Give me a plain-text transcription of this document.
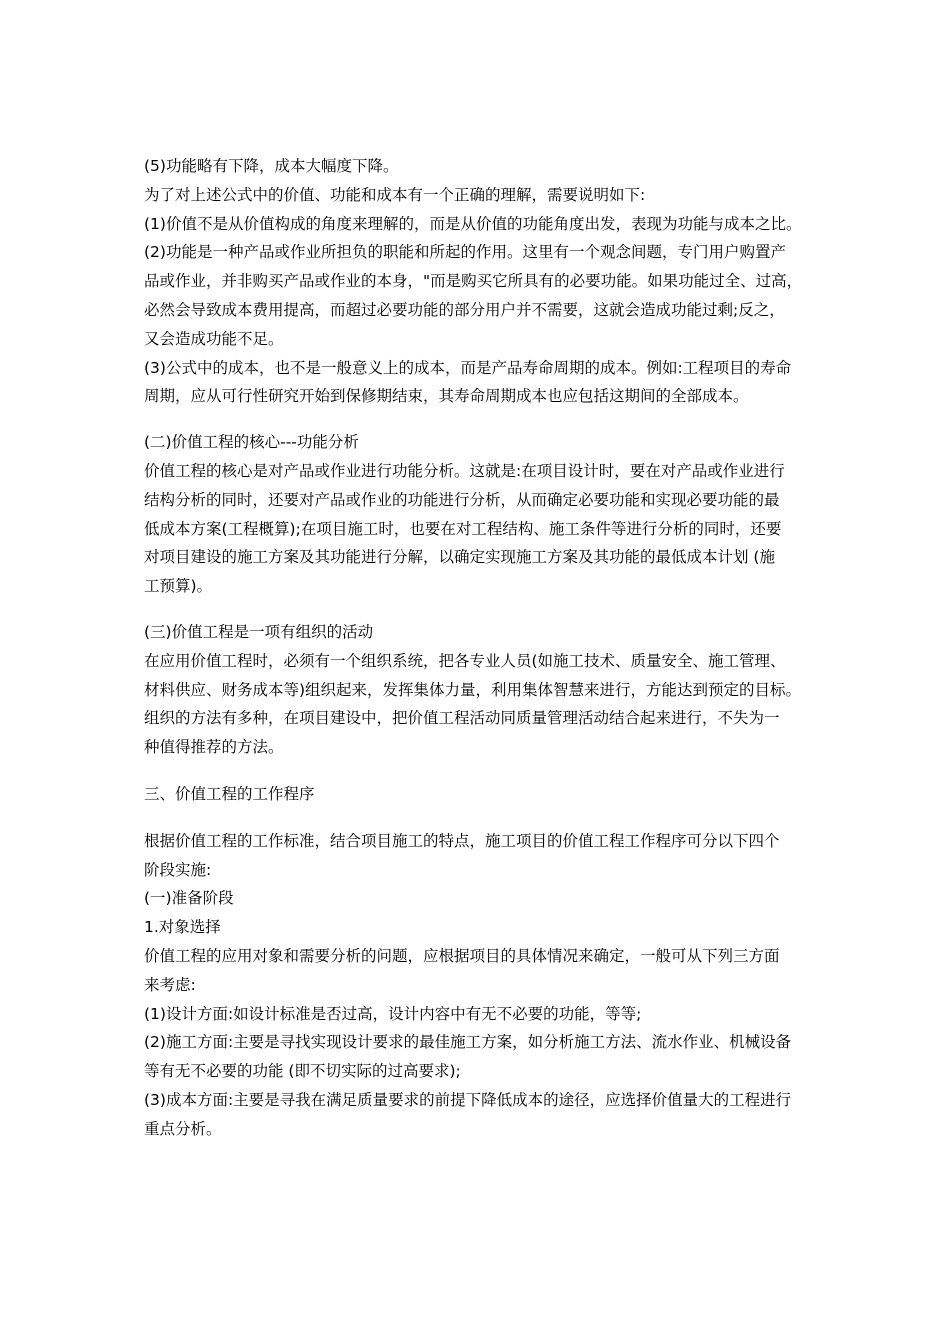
(5)功能略有下降，成本大幅度下降。

为了对上述公式中的价值、功能和成本有一个正确的理解，需要说明如下:

(1)价值不是从价值构成的角度来理解的，而是从价值的功能角度出发，表现为功能与成本之比。

(2)功能是一种产品或作业所担负的职能和所起的作用。这里有一个观念间题，专门用户购置产

品或作业，并非购买产品或作业的本身，"而是购买它所具有的必要功能。如果功能过全、过高，

必然会导致成本费用提高，而超过必要功能的部分用户并不需要，这就会造成功能过剩;反之，

又会造成功能不足。

(3)公式中的成本，也不是一般意义上的成本，而是产品寿命周期的成本。例如:工程项目的寿命

周期，应从可行性研究开始到保修期结束，其寿命周期成本也应包括这期间的全部成本。

(二)价值工程的核心---功能分析

价值工程的核心是对产品或作业进行功能分析。这就是:在项目设计时，要在对产品或作业进行

结构分析的同时，还要对产品或作业的功能进行分析，从而确定必要功能和实现必要功能的最

低成本方案(工程概算);在项目施工时，也要在对工程结构、施工条件等进行分析的同时，还要

对项目建设的施工方案及其功能进行分解，以确定实现施工方案及其功能的最低成本计划 (施

工预算)。

(三)价值工程是一项有组织的活动

在应用价值工程时，必须有一个组织系统，把各专业人员(如施工技术、质量安全、施工管理、

材料供应、财务成本等)组织起来，发挥集体力量，利用集体智慧来进行，方能达到预定的目标。

组织的方法有多种，在项目建设中，把价值工程活动同质量管理活动结合起来进行，不失为一

种值得推荐的方法。

三、价值工程的工作程序

根据价值工程的工作标准，结合项目施工的特点，施工项目的价值工程工作程序可分以下四个

阶段实施:

(一)准备阶段

1.对象选择

价值工程的应用对象和需要分析的问题，应根据项目的具体情况来确定，一般可从下列三方面

来考虑:

(1)设计方面:如设计标准是否过高，设计内容中有无不必要的功能，等等;

(2)施工方面:主要是寻找实现设计要求的最佳施工方案，如分析施工方法、流水作业、机械设备

等有无不必要的功能 (即不切实际的过高要求);

(3)成本方面:主要是寻我在满足质量要求的前提下降低成本的途径，应选择价值量大的工程进行

重点分析。
